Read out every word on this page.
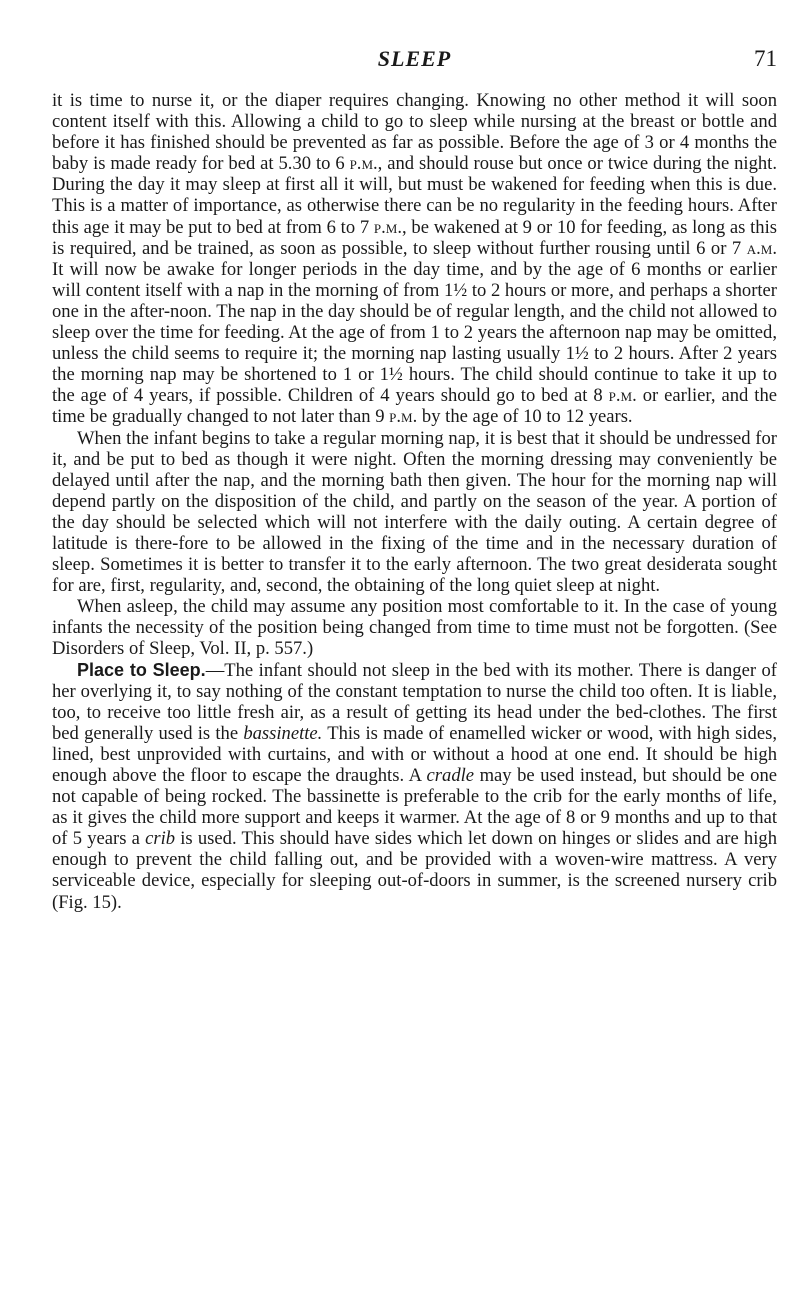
SLEEP	71

it is time to nurse it, or the diaper requires changing. Knowing no other method it will soon content itself with this. Allowing a child to go to sleep while nursing at the breast or bottle and before it has finished should be prevented as far as possible. Before the age of 3 or 4 months the baby is made ready for bed at 5.30 to 6 p.m., and should rouse but once or twice during the night. During the day it may sleep at first all it will, but must be wakened for feeding when this is due. This is a matter of importance, as otherwise there can be no regularity in the feeding hours. After this age it may be put to bed at from 6 to 7 p.m., be wakened at 9 or 10 for feeding, as long as this is required, and be trained, as soon as possible, to sleep without further rousing until 6 or 7 a.m. It will now be awake for longer periods in the day time, and by the age of 6 months or earlier will content itself with a nap in the morning of from 1½ to 2 hours or more, and perhaps a shorter one in the after-noon. The nap in the day should be of regular length, and the child not allowed to sleep over the time for feeding. At the age of from 1 to 2 years the afternoon nap may be omitted, unless the child seems to require it; the morning nap lasting usually 1½ to 2 hours. After 2 years the morning nap may be shortened to 1 or 1½ hours. The child should continue to take it up to the age of 4 years, if possible. Children of 4 years should go to bed at 8 p.m. or earlier, and the time be gradually changed to not later than 9 p.m. by the age of 10 to 12 years.

When the infant begins to take a regular morning nap, it is best that it should be undressed for it, and be put to bed as though it were night. Often the morning dressing may conveniently be delayed until after the nap, and the morning bath then given. The hour for the morning nap will depend partly on the disposition of the child, and partly on the season of the year. A portion of the day should be selected which will not interfere with the daily outing. A certain degree of latitude is there-fore to be allowed in the fixing of the time and in the necessary duration of sleep. Sometimes it is better to transfer it to the early afternoon. The two great desiderata sought for are, first, regularity, and, second, the obtaining of the long quiet sleep at night.

When asleep, the child may assume any position most comfortable to it. In the case of young infants the necessity of the position being changed from time to time must not be forgotten. (See Disorders of Sleep, Vol. II, p. 557.)

Place to Sleep.—The infant should not sleep in the bed with its mother. There is danger of her overlying it, to say nothing of the constant temptation to nurse the child too often. It is liable, too, to receive too little fresh air, as a result of getting its head under the bed-clothes. The first bed generally used is the bassinette. This is made of enamelled wicker or wood, with high sides, lined, best unprovided with curtains, and with or without a hood at one end. It should be high enough above the floor to escape the draughts. A cradle may be used instead, but should be one not capable of being rocked. The bassinette is preferable to the crib for the early months of life, as it gives the child more support and keeps it warmer. At the age of 8 or 9 months and up to that of 5 years a crib is used. This should have sides which let down on hinges or slides and are high enough to prevent the child falling out, and be provided with a woven-wire mattress. A very serviceable device, especially for sleeping out-of-doors in summer, is the screened nursery crib (Fig. 15).
